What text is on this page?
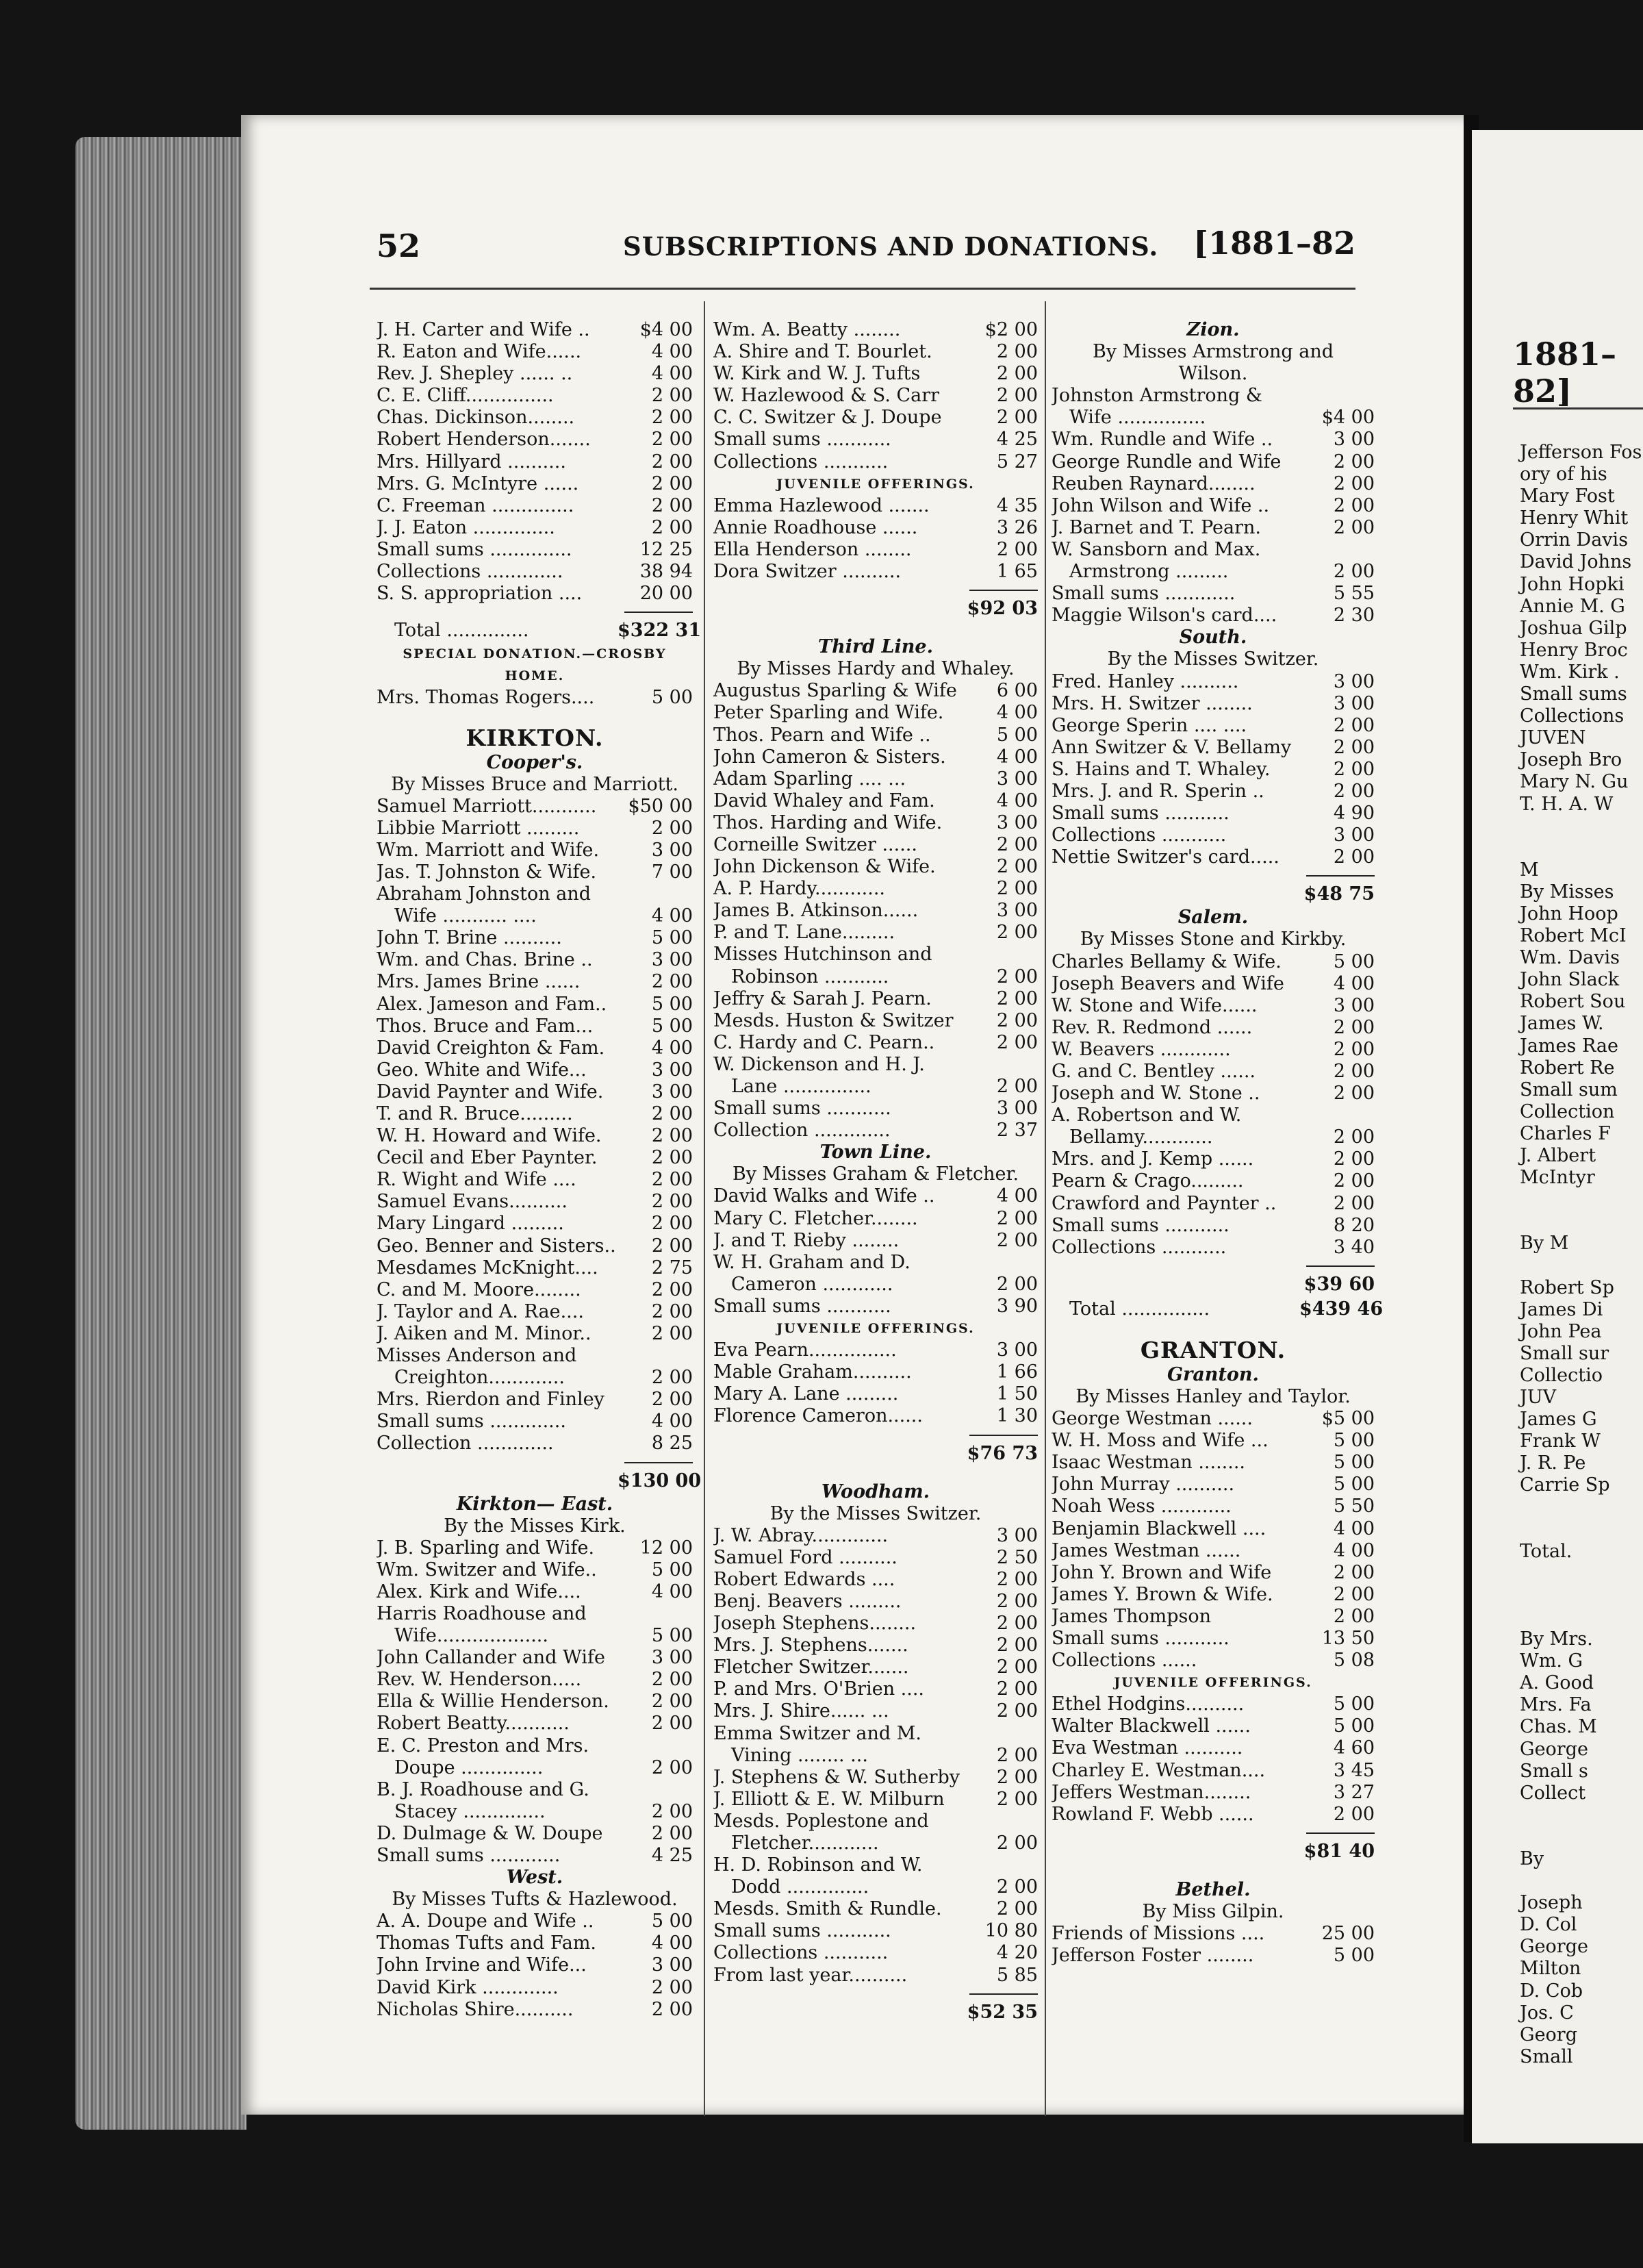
1881–82]
Jefferson Fos
ory of his
Mary Fost
Henry Whit
Orrin Davis
David Johns
John Hopki
Annie M. G
Joshua Gilp
Henry Broc
Wm. Kirk .
Small sums
Collections
JUVEN
Joseph Bro
Mary N. Gu
T. H. A. W
M
By Misses
John Hoop
Robert McI
Wm. Davis
John Slack
Robert Sou
James W.
James Rae
Robert Re
Small sum
Collection
Charles F
J. Albert
McIntyr
By M
Robert Sp
James Di
John Pea
Small sur
Collectio
JUV
James G
Frank W
J. R. Pe
Carrie Sp
Total.
By Mrs.
Wm. G
A. Good
Mrs. Fa
Chas. M
George
Small s
Collect
By
Joseph
D. Col
George
Milton
D. Cob
Jos. C
Georg
Small
52	SUBSCRIPTIONS AND DONATIONS. [1881–82
J. H. Carter and Wife ..	$4 00
R. Eaton and Wife......	4 00
Rev. J. Shepley ...... ..	4 00
C. E. Cliff...............	2 00
Chas. Dickinson........	2 00
Robert Henderson.......	2 00
Mrs. Hillyard ..........	2 00
Mrs. G. McIntyre ......	2 00
C. Freeman ..............	2 00
J. J. Eaton ..............	2 00
Small sums ..............	12 25
Collections .............	38 94
S. S. appropriation ....	20 00
Total ..............	$322 31
SPECIAL DONATION.—CROSBY
HOME.
Mrs. Thomas Rogers....	5 00
KIRKTON.
Cooper's.
By Misses Bruce and Marriott.
Samuel Marriott...........	$50 00
Libbie Marriott .........	2 00
Wm. Marriott and Wife.	3 00
Jas. T. Johnston & Wife.	7 00
Abraham Johnston and
Wife ........... ....	4 00
John T. Brine ..........	5 00
Wm. and Chas. Brine ..	3 00
Mrs. James Brine ......	2 00
Alex. Jameson and Fam..	5 00
Thos. Bruce and Fam...	5 00
David Creighton & Fam.	4 00
Geo. White and Wife...	3 00
David Paynter and Wife.	3 00
T. and R. Bruce.........	2 00
W. H. Howard and Wife.	2 00
Cecil and Eber Paynter.	2 00
R. Wight and Wife ....	2 00
Samuel Evans..........	2 00
Mary Lingard .........	2 00
Geo. Benner and Sisters..	2 00
Mesdames McKnight....	2 75
C. and M. Moore........	2 00
J. Taylor and A. Rae....	2 00
J. Aiken and M. Minor..	2 00
Misses Anderson and
Creighton.............	2 00
Mrs. Rierdon and Finley	2 00
Small sums .............	4 00
Collection .............	8 25
$130 00
Kirkton— East.
By the Misses Kirk.
J. B. Sparling and Wife.	12 00
Wm. Switzer and Wife..	5 00
Alex. Kirk and Wife....	4 00
Harris Roadhouse and
Wife...................	5 00
John Callander and Wife	3 00
Rev. W. Henderson.....	2 00
Ella & Willie Henderson.	2 00
Robert Beatty...........	2 00
E. C. Preston and Mrs.
Doupe ..............	2 00
B. J. Roadhouse and G.
Stacey ..............	2 00
D. Dulmage & W. Doupe	2 00
Small sums ............	4 25
West.
By Misses Tufts & Hazlewood.
A. A. Doupe and Wife ..	5 00
Thomas Tufts and Fam.	4 00
John Irvine and Wife...	3 00
David Kirk .............	2 00
Nicholas Shire..........	2 00
Wm. A. Beatty ........	$2 00
A. Shire and T. Bourlet.	2 00
W. Kirk and W. J. Tufts	2 00
W. Hazlewood & S. Carr	2 00
C. C. Switzer & J. Doupe	2 00
Small sums ...........	4 25
Collections ...........	5 27
JUVENILE OFFERINGS.
Emma Hazlewood .......	4 35
Annie Roadhouse ......	3 26
Ella Henderson ........	2 00
Dora Switzer ..........	1 65
$92 03
Third Line.
By Misses Hardy and Whaley.
Augustus Sparling & Wife	6 00
Peter Sparling and Wife.	4 00
Thos. Pearn and Wife ..	5 00
John Cameron & Sisters.	4 00
Adam Sparling .... ...	3 00
David Whaley and Fam.	4 00
Thos. Harding and Wife.	3 00
Corneille Switzer ......	2 00
John Dickenson & Wife.	2 00
A. P. Hardy............	2 00
James B. Atkinson......	3 00
P. and T. Lane.........	2 00
Misses Hutchinson and
Robinson ...........	2 00
Jeffry & Sarah J. Pearn.	2 00
Mesds. Huston & Switzer	2 00
C. Hardy and C. Pearn..	2 00
W. Dickenson and H. J.
Lane ...............	2 00
Small sums ...........	3 00
Collection .............	2 37
Town Line.
By Misses Graham & Fletcher.
David Walks and Wife ..	4 00
Mary C. Fletcher........	2 00
J. and T. Rieby ........	2 00
W. H. Graham and D.
Cameron ............	2 00
Small sums ...........	3 90
JUVENILE OFFERINGS.
Eva Pearn...............	3 00
Mable Graham..........	1 66
Mary A. Lane .........	1 50
Florence Cameron......	1 30
$76 73
Woodham.
By the Misses Switzer.
J. W. Abray.............	3 00
Samuel Ford ..........	2 50
Robert Edwards ....	2 00
Benj. Beavers .........	2 00
Joseph Stephens........	2 00
Mrs. J. Stephens.......	2 00
Fletcher Switzer.......	2 00
P. and Mrs. O'Brien ....	2 00
Mrs. J. Shire...... ...	2 00
Emma Switzer and M.
Vining ........ ...	2 00
J. Stephens & W. Sutherby	2 00
J. Elliott & E. W. Milburn	2 00
Mesds. Poplestone and
Fletcher............	2 00
H. D. Robinson and W.
Dodd ..............	2 00
Mesds. Smith & Rundle.	2 00
Small sums ...........	10 80
Collections ...........	4 20
From last year..........	5 85
$52 35
Zion.
By Misses Armstrong and
Wilson.
Johnston Armstrong &
Wife ...............	$4 00
Wm. Rundle and Wife ..	3 00
George Rundle and Wife	2 00
Reuben Raynard........	2 00
John Wilson and Wife ..	2 00
J. Barnet and T. Pearn.	2 00
W. Sansborn and Max.
Armstrong .........	2 00
Small sums ............	5 55
Maggie Wilson's card....	2 30
South.
By the Misses Switzer.
Fred. Hanley ..........	3 00
Mrs. H. Switzer ........	3 00
George Sperin .... ....	2 00
Ann Switzer & V. Bellamy	2 00
S. Hains and T. Whaley.	2 00
Mrs. J. and R. Sperin ..	2 00
Small sums ...........	4 90
Collections ...........	3 00
Nettie Switzer's card.....	2 00
$48 75
Salem.
By Misses Stone and Kirkby.
Charles Bellamy & Wife.	5 00
Joseph Beavers and Wife	4 00
W. Stone and Wife......	3 00
Rev. R. Redmond ......	2 00
W. Beavers ............	2 00
G. and C. Bentley ......	2 00
Joseph and W. Stone ..	2 00
A. Robertson and W.
Bellamy............	2 00
Mrs. and J. Kemp ......	2 00
Pearn & Crago.........	2 00
Crawford and Paynter ..	2 00
Small sums ...........	8 20
Collections ...........	3 40
$39 60
Total ...............	$439 46
GRANTON.
Granton.
By Misses Hanley and Taylor.
George Westman ......	$5 00
W. H. Moss and Wife ...	5 00
Isaac Westman ........	5 00
John Murray ..........	5 00
Noah Wess ............	5 50
Benjamin Blackwell ....	4 00
James Westman ......	4 00
John Y. Brown and Wife	2 00
James Y. Brown & Wife.	2 00
James Thompson	2 00
Small sums ...........	13 50
Collections ......	5 08
JUVENILE OFFERINGS.
Ethel Hodgins..........	5 00
Walter Blackwell ......	5 00
Eva Westman ..........	4 60
Charley E. Westman....	3 45
Jeffers Westman........	3 27
Rowland F. Webb ......	2 00
$81 40
Bethel.
By Miss Gilpin.
Friends of Missions ....	25 00
Jefferson Foster ........	5 00
